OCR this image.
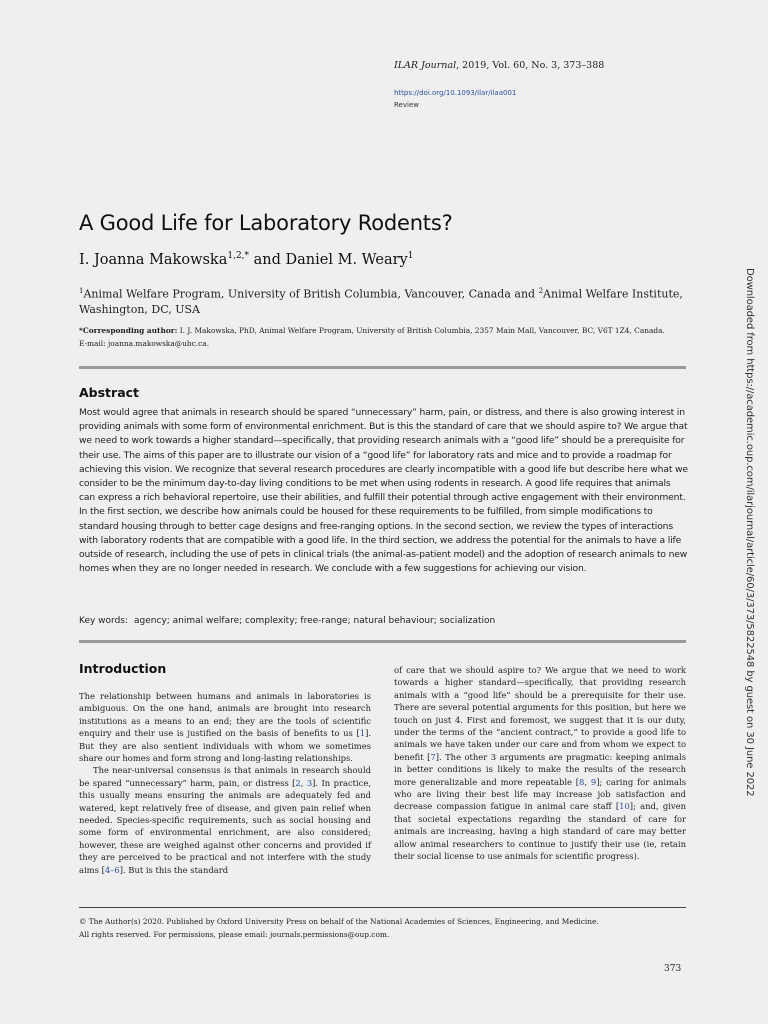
ILAR Journal, 2019, Vol. 60, No. 3, 373–388
https://doi.org/10.1093/ilar/ilaa001
Review
A Good Life for Laboratory Rodents?
I. Joanna Makowska$^{1,2,*}$ and Daniel M. Weary$^1$
$^1$Animal Welfare Program, University of British Columbia, Vancouver, Canada and $^2$Animal Welfare Institute, Washington, DC, USA
*Corresponding author: I. J. Makowska, PhD, Animal Welfare Program, University of British Columbia, 2357 Main Mall, Vancouver, BC, V6T 1Z4, Canada.
E-mail: joanna.makowska@ubc.ca.
Abstract
Most would agree that animals in research should be spared “unnecessary” harm, pain, or distress, and there is also growing interest in providing animals with some form of environmental enrichment. But is this the standard of care that we should aspire to? We argue that we need to work towards a higher standard—specifically, that providing research animals with a “good life” should be a prerequisite for their use. The aims of this paper are to illustrate our vision of a “good life” for laboratory rats and mice and to provide a roadmap for achieving this vision. We recognize that several research procedures are clearly incompatible with a good life but describe here what we consider to be the minimum day-to-day living conditions to be met when using rodents in research. A good life requires that animals can express a rich behavioral repertoire, use their abilities, and fulfill their potential through active engagement with their environment. In the first section, we describe how animals could be housed for these requirements to be fulfilled, from simple modifications to standard housing through to better cage designs and free-ranging options. In the second section, we review the types of interactions with laboratory rodents that are compatible with a good life. In the third section, we address the potential for the animals to have a life outside of research, including the use of pets in clinical trials (the animal-as-patient model) and the adoption of research animals to new homes when they are no longer needed in research. We conclude with a few suggestions for achieving our vision.
Key words: agency; animal welfare; complexity; free-range; natural behaviour; socialization
Introduction

The relationship between humans and animals in laboratories is ambiguous. On the one hand, animals are brought into research institutions as a means to an end; they are the tools of scientific enquiry and their use is justified on the basis of benefits to us [1]. But they are also sentient individuals with whom we sometimes share our homes and form strong and long-lasting relationships.

The near-universal consensus is that animals in research should be spared “unnecessary” harm, pain, or distress [2, 3]. In practice, this usually means ensuring the animals are adequately fed and watered, kept relatively free of disease, and given pain relief when needed. Species-specific requirements, such as social housing and some form of environmental enrichment, are also considered; however, these are weighed against other concerns and provided if they are perceived to be practical and not interfere with the study aims [4–6]. But is this the standard

of care that we should aspire to? We argue that we need to work towards a higher standard—specifically, that providing research animals with a “good life” should be a prerequisite for their use. There are several potential arguments for this position, but here we touch on just 4. First and foremost, we suggest that it is our duty, under the terms of the “ancient contract,” to provide a good life to animals we have taken under our care and from whom we expect to benefit [7]. The other 3 arguments are pragmatic: keeping animals in better conditions is likely to make the results of the research more generalizable and more repeatable [8, 9]; caring for animals who are living their best life may increase job satisfaction and decrease compassion fatigue in animal care staff [10]; and, given that societal expectations regarding the standard of care for animals are increasing, having a high standard of care may better allow animal researchers to continue to justify their use (ie, retain their social license to use animals for scientific progress).

© The Author(s) 2020. Published by Oxford University Press on behalf of the National Academies of Sciences, Engineering, and Medicine.
All rights reserved. For permissions, please email: journals.permissions@oup.com.
373
Downloaded from https://academic.oup.com/ilarjournal/article/60/3/373/5822548 by guest on 30 June 2022
